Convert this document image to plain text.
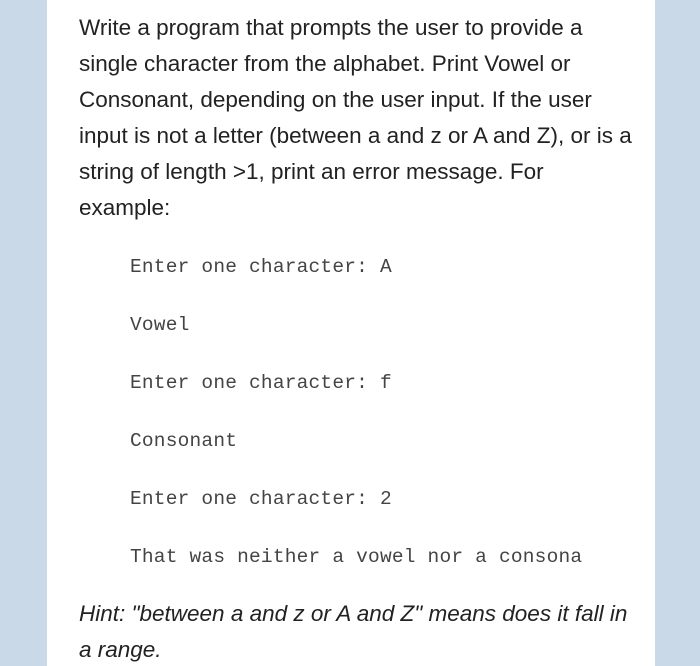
Write a program that prompts the user to provide a single character from the alphabet. Print Vowel or Consonant, depending on the user input. If the user input is not a letter (between a and z or A and Z), or is a string of length >1, print an error message. For example:

Enter one character: A
Vowel
Enter one character: f
Consonant
Enter one character: 2
That was neither a vowel nor a consona

Hint: "between a and z or A and Z" means does it fall in a range.
